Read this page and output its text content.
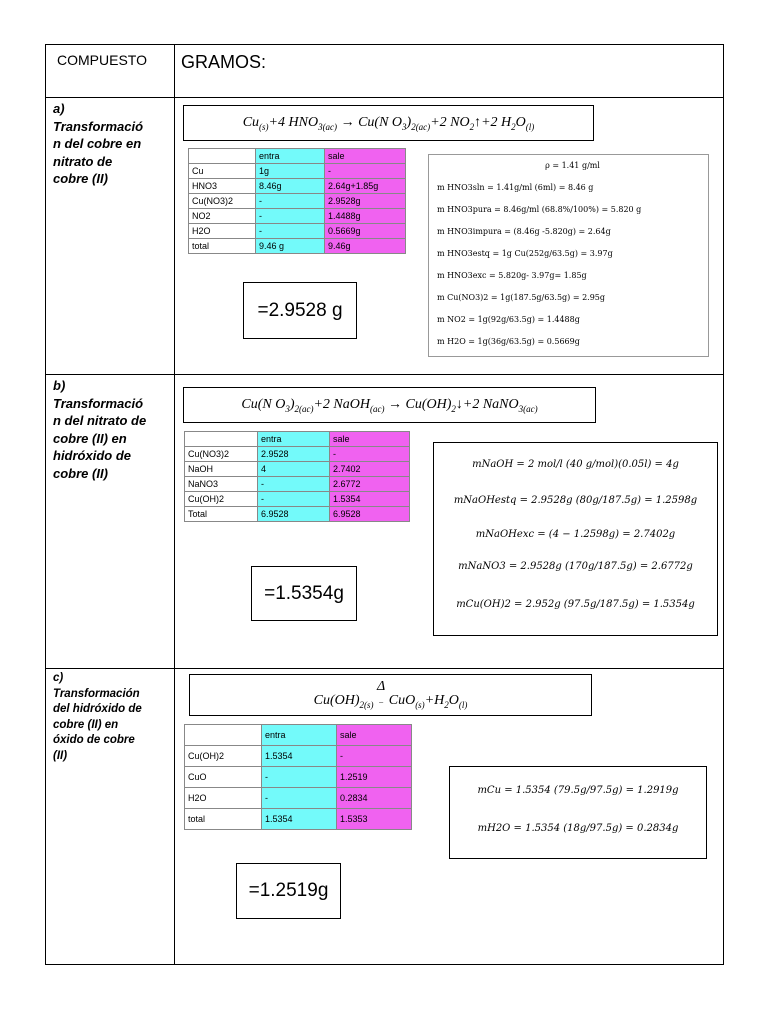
COMPUESTO GRAMOS:
a)
Transformació
n del cobre en
nitrato de
cobre (II)
$Cu_{(s)}+4$ $HNO_{3(ac)} \to Cu(N$ $O_3)_{2(ac)}+2$ $NO_2↑+2$ $H_2O_{(l)}$
	entra	sale
Cu	1g	-
HNO3	8.46g	2.64g+1.85g
Cu(NO3)2	-	2.9528g
NO2	-	1.4488g
H2O	-	0.5669g
total	9.46 g	9.46g
=2.9528 g
ρ = 1.41 g/ml
m HNO3sln = 1.41g/ml (6ml) = 8.46 g
m HNO3pura = 8.46g/ml (68.8%/100%) = 5.820 g
m HNO3impura = (8.46g -5.820g) = 2.64g
m HNO3estq = 1g Cu(252g/63.5g) = 3.97g
m HNO3exc = 5.820g- 3.97g= 1.85g
m Cu(NO3)2 = 1g(187.5g/63.5g) = 2.95g
m NO2 = 1g(92g/63.5g) = 1.4488g
m H2O = 1g(36g/63.5g) = 0.5669g
b)
Transformació
n del nitrato de
cobre (II) en
hidróxido de
cobre (II)
Cu(N $O_3)_{2(ac)}+2$ NaOH$_{(ac)}$ → $Cu(OH)_2↓+2$ NaNO$_{3(ac)}$
	entra	sale
Cu(NO3)2	2.9528	-
NaOH	4	2.7402
NaNO3	-	2.6772
Cu(OH)2	-	1.5354
Total	6.9528	6.9528
=1.5354g
mNaOH = 2 mol/l (40 g/mol)(0.05l) = 4g
mNaOHestq = 2.9528g (80g/187.5g) = 1.2598g
mNaOHexc = (4 − 1.2598g) = 2.7402g
mNaNO3 = 2.9528g (170g/187.5g) = 2.6772g
mCu(OH)2 = 2.952g (97.5g/187.5g) = 1.5354g
c)
Transformación
del hidróxido de
cobre (II) en
óxido de cobre
(II)
$Cu(OH)_{2(s)}$ Δ
– $CuO_{(s)}+H_2O_{(l)}$
	entra	sale
Cu(OH)2	1.5354	-
CuO	-	1.2519
H2O	-	0.2834
total	1.5354	1.5353
=1.2519g
mCu = 1.5354 (79.5g/97.5g) = 1.2919g
mH2O = 1.5354 (18g/97.5g) = 0.2834g
